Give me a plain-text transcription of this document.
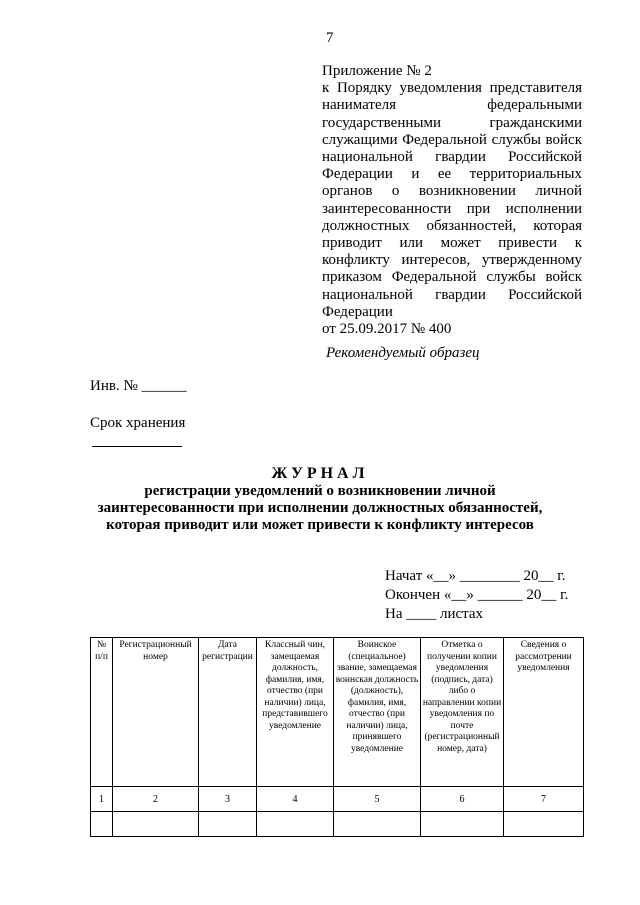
7
Приложение № 2
к Порядку уведомления представителя
нанимателя федеральными
государственными гражданскими
служащими Федеральной службы войск
национальной гвардии Российской
Федерации и ее территориальных
органов о возникновении личной
заинтересованности при исполнении
должностных обязанностей, которая
приводит или может привести к
конфликту интересов, утвержденному
приказом Федеральной службы войск
национальной гвардии Российской
Федерации
от 25.09.2017 № 400
Рекомендуемый образец
Инв. № ______
Срок хранения
ЖУРНАЛ
регистрации уведомлений о возникновении личной
заинтересованности при исполнении должностных обязанностей,
которая приводит или может привести к конфликту интересов
Начат «__» ________ 20__ г.
Окончен «__» ______ 20__ г.
На ____ листах
№ п/п	Регистрационный номер	Дата регистрации	Классный чин, замещаемая должность, фамилия, имя, отчество (при наличии) лица, представившего уведомление	Воинское (специальное) звание, замещаемая воинская должность (должность), фамилия, имя, отчество (при наличии) лица, принявшего уведомление	Отметка о получении копии уведомления (подпись, дата) либо о направлении копии уведомления по почте (регистрационный номер, дата)	Сведения о рассмотрении уведомления
1	2	3	4	5	6	7
